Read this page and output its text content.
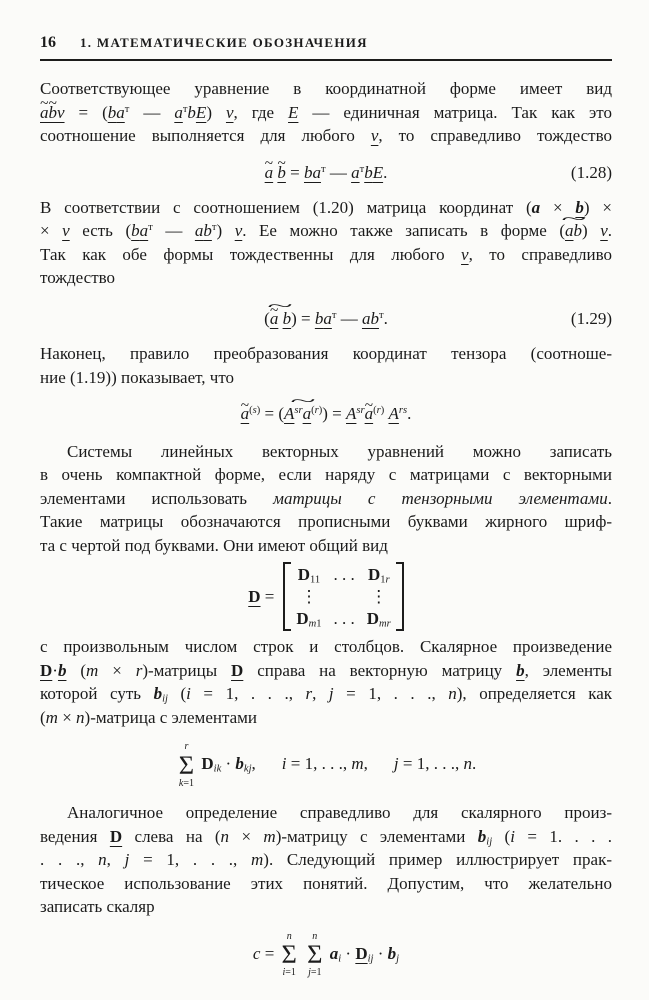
16 1. МАТЕМАТИЧЕСКИЕ ОБОЗНАЧЕНИЯ
Соответствующее уравнение в координатной форме имеет вид
a ~b ~v = ($ba^т$ — $a^тbE$) v, где E — единичная матрица. Так как это
соотношение выполняется для любого v, то справедливо тождество
a ~ b ~ = $ba^т$ — $a^тbE$.	(1.28)
В соответствии с соотношением (1.20) матрица координат (a × b) ×
× v есть ($ba^т$ — $ab^т$) v. Ее можно также записать в форме (ab) ~ v.
Так как обе формы тождественны для любого v, то справедливо
тождество
(a ~ b) ~ = $ba^т$ — $ab^т$.	(1.29)
Наконец, правило преобразования координат тензора (соотноше-
ние (1.19)) показывает, что
a ~$^{(s)}$ = ($A^{sr}a^{(r)}$ ~) = $A^{sr}a$ ~$^{(r)}$ $A^{rs}$.
Системы линейных векторных уравнений можно записать
в очень компактной форме, если наряду с матрицами с векторными
элементами использовать матрицы с тензорными элементами.
Такие матрицы обозначаются прописными буквами жирного шриф-
та с чертой под буквами. Они имеют общий вид
D =
$D_{11}$ . . . $D_{1r}$
⋮	⋮
$D_{m1}$ . . . $D_{mr}$
с произвольным числом строк и столбцов. Скалярное произведение
D·b (m × r)-матрицы D справа на векторную матрицу b, элементы
которой суть $b_{ij}$ (i = 1, . . ., r, j = 1, . . ., n), определяется как
(m × n)-матрица с элементами
r
Σ
k=1
$D_{ik} \cdot b_{kj}$, i = 1, . . ., m, j = 1, . . ., n.
Аналогичное определение справедливо для скалярного произ-
ведения D слева на (n × m)-матрицу с элементами $b_{ij}$ (i = 1. . . .
. . ., n, j = 1, . . ., m). Следующий пример иллюстрирует прак-
тическое использование этих понятий. Допустим, что желательно
записать скаляр
c =
n
Σ
i=1

n
Σ
j=1
$a_i \cdot D_{ij} \cdot b_j$
